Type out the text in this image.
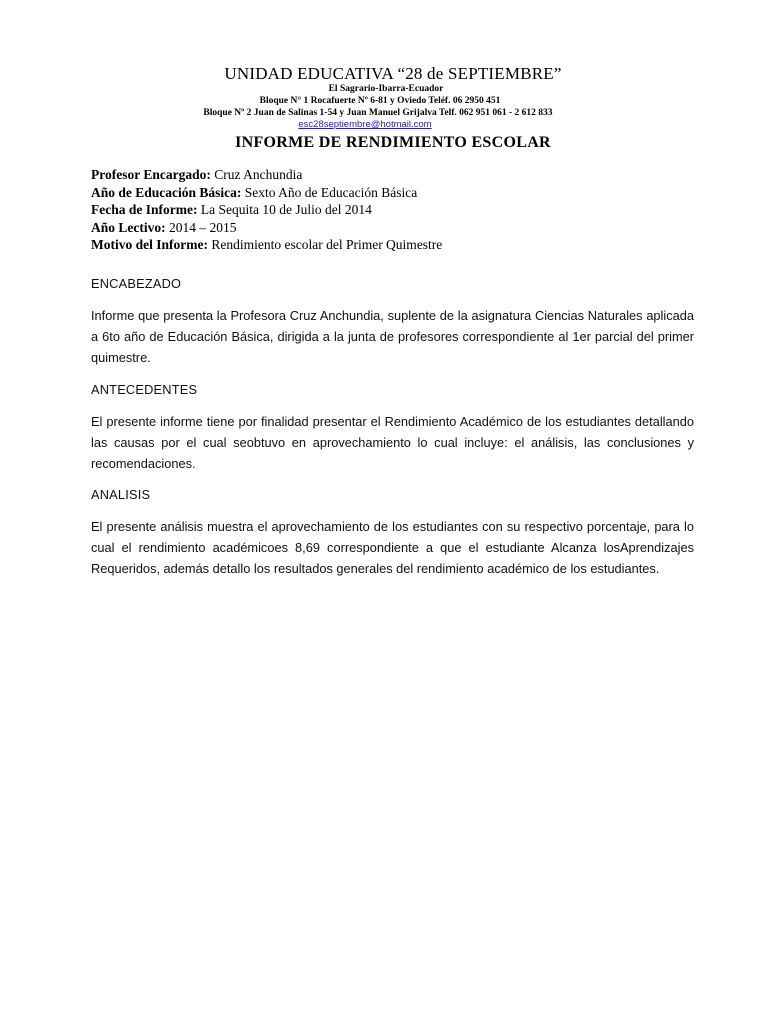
UNIDAD EDUCATIVA “28 de SEPTIEMBRE”
El Sagrario-Ibarra-Ecuador
Bloque N° 1 Rocafuerte Nº 6-81 y Oviedo Teléf. 06 2950 451
Bloque Nº 2 Juan de Salinas 1-54 y Juan Manuel Grijalva Telf. 062 951 061 - 2 612 833
esc28septiembre@hotmail.com
INFORME DE RENDIMIENTO ESCOLAR
Profesor Encargado: Cruz Anchundia
Año de Educación Básica: Sexto Año de Educación Básica
Fecha de Informe: La Sequita 10 de Julio del 2014
Año Lectivo: 2014 – 2015
Motivo del Informe: Rendimiento escolar del Primer Quimestre
ENCABEZADO
Informe que presenta la Profesora Cruz Anchundia, suplente de la asignatura Ciencias Naturales aplicada a 6to año de Educación Básica, dirigida a la junta de profesores correspondiente al 1er parcial del primer quimestre.
ANTECEDENTES
El presente informe tiene por finalidad presentar el Rendimiento Académico de los estudiantes detallando las causas por el cual seobtuvo en aprovechamiento lo cual incluye: el análisis, las conclusiones y recomendaciones.
ANALISIS
El presente análisis muestra el aprovechamiento de los estudiantes con su respectivo porcentaje, para lo cual el rendimiento académicoes 8,69 correspondiente a que el estudiante Alcanza losAprendizajes Requeridos, además detallo los resultados generales del rendimiento académico de los estudiantes.
